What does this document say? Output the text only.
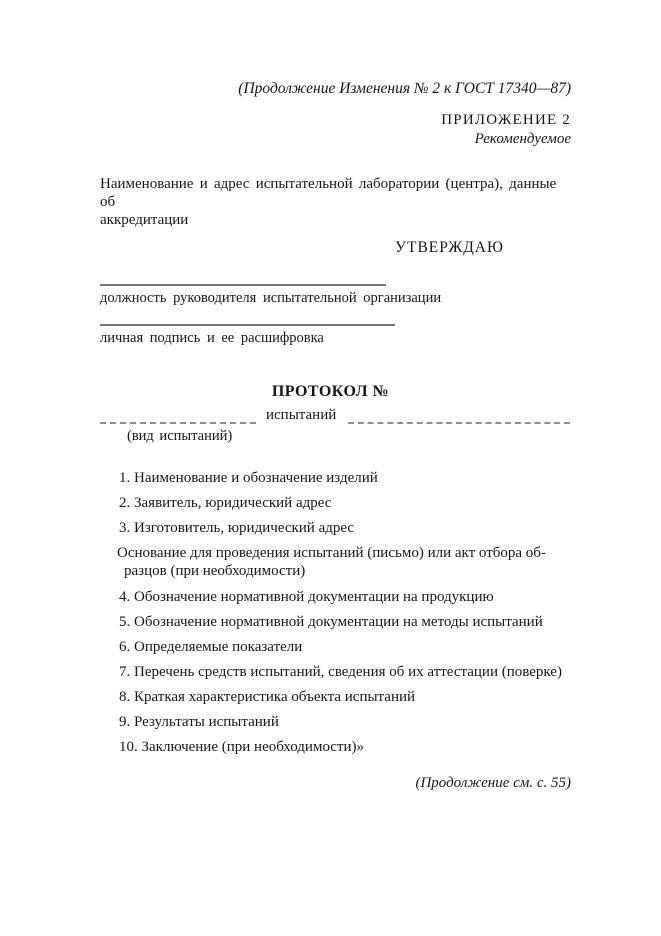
(Продолжение Изменения № 2 к ГОСТ 17340—87)
ПРИЛОЖЕНИЕ 2
Рекомендуемое
Наименование и адрес испытательной лаборатории (центра), данные об
аккредитации
УТВЕРЖДАЮ
должность руководителя испытательной организации
личная подпись и ее расшифровка
ПРОТОКОЛ №
испытаний
(вид испытаний)
1. Наименование и обозначение изделий
2. Заявитель, юридический адрес
3. Изготовитель, юридический адрес
Основание для проведения испытаний (письмо) или акт отбора об-
разцов (при необходимости)
4. Обозначение нормативной документации на продукцию
5. Обозначение нормативной документации на методы испытаний
6. Определяемые показатели
7. Перечень средств испытаний, сведения об их аттестации (поверке)
8. Краткая характеристика объекта испытаний
9. Результаты испытаний
10. Заключение (при необходимости)»
(Продолжение см. с. 55)
